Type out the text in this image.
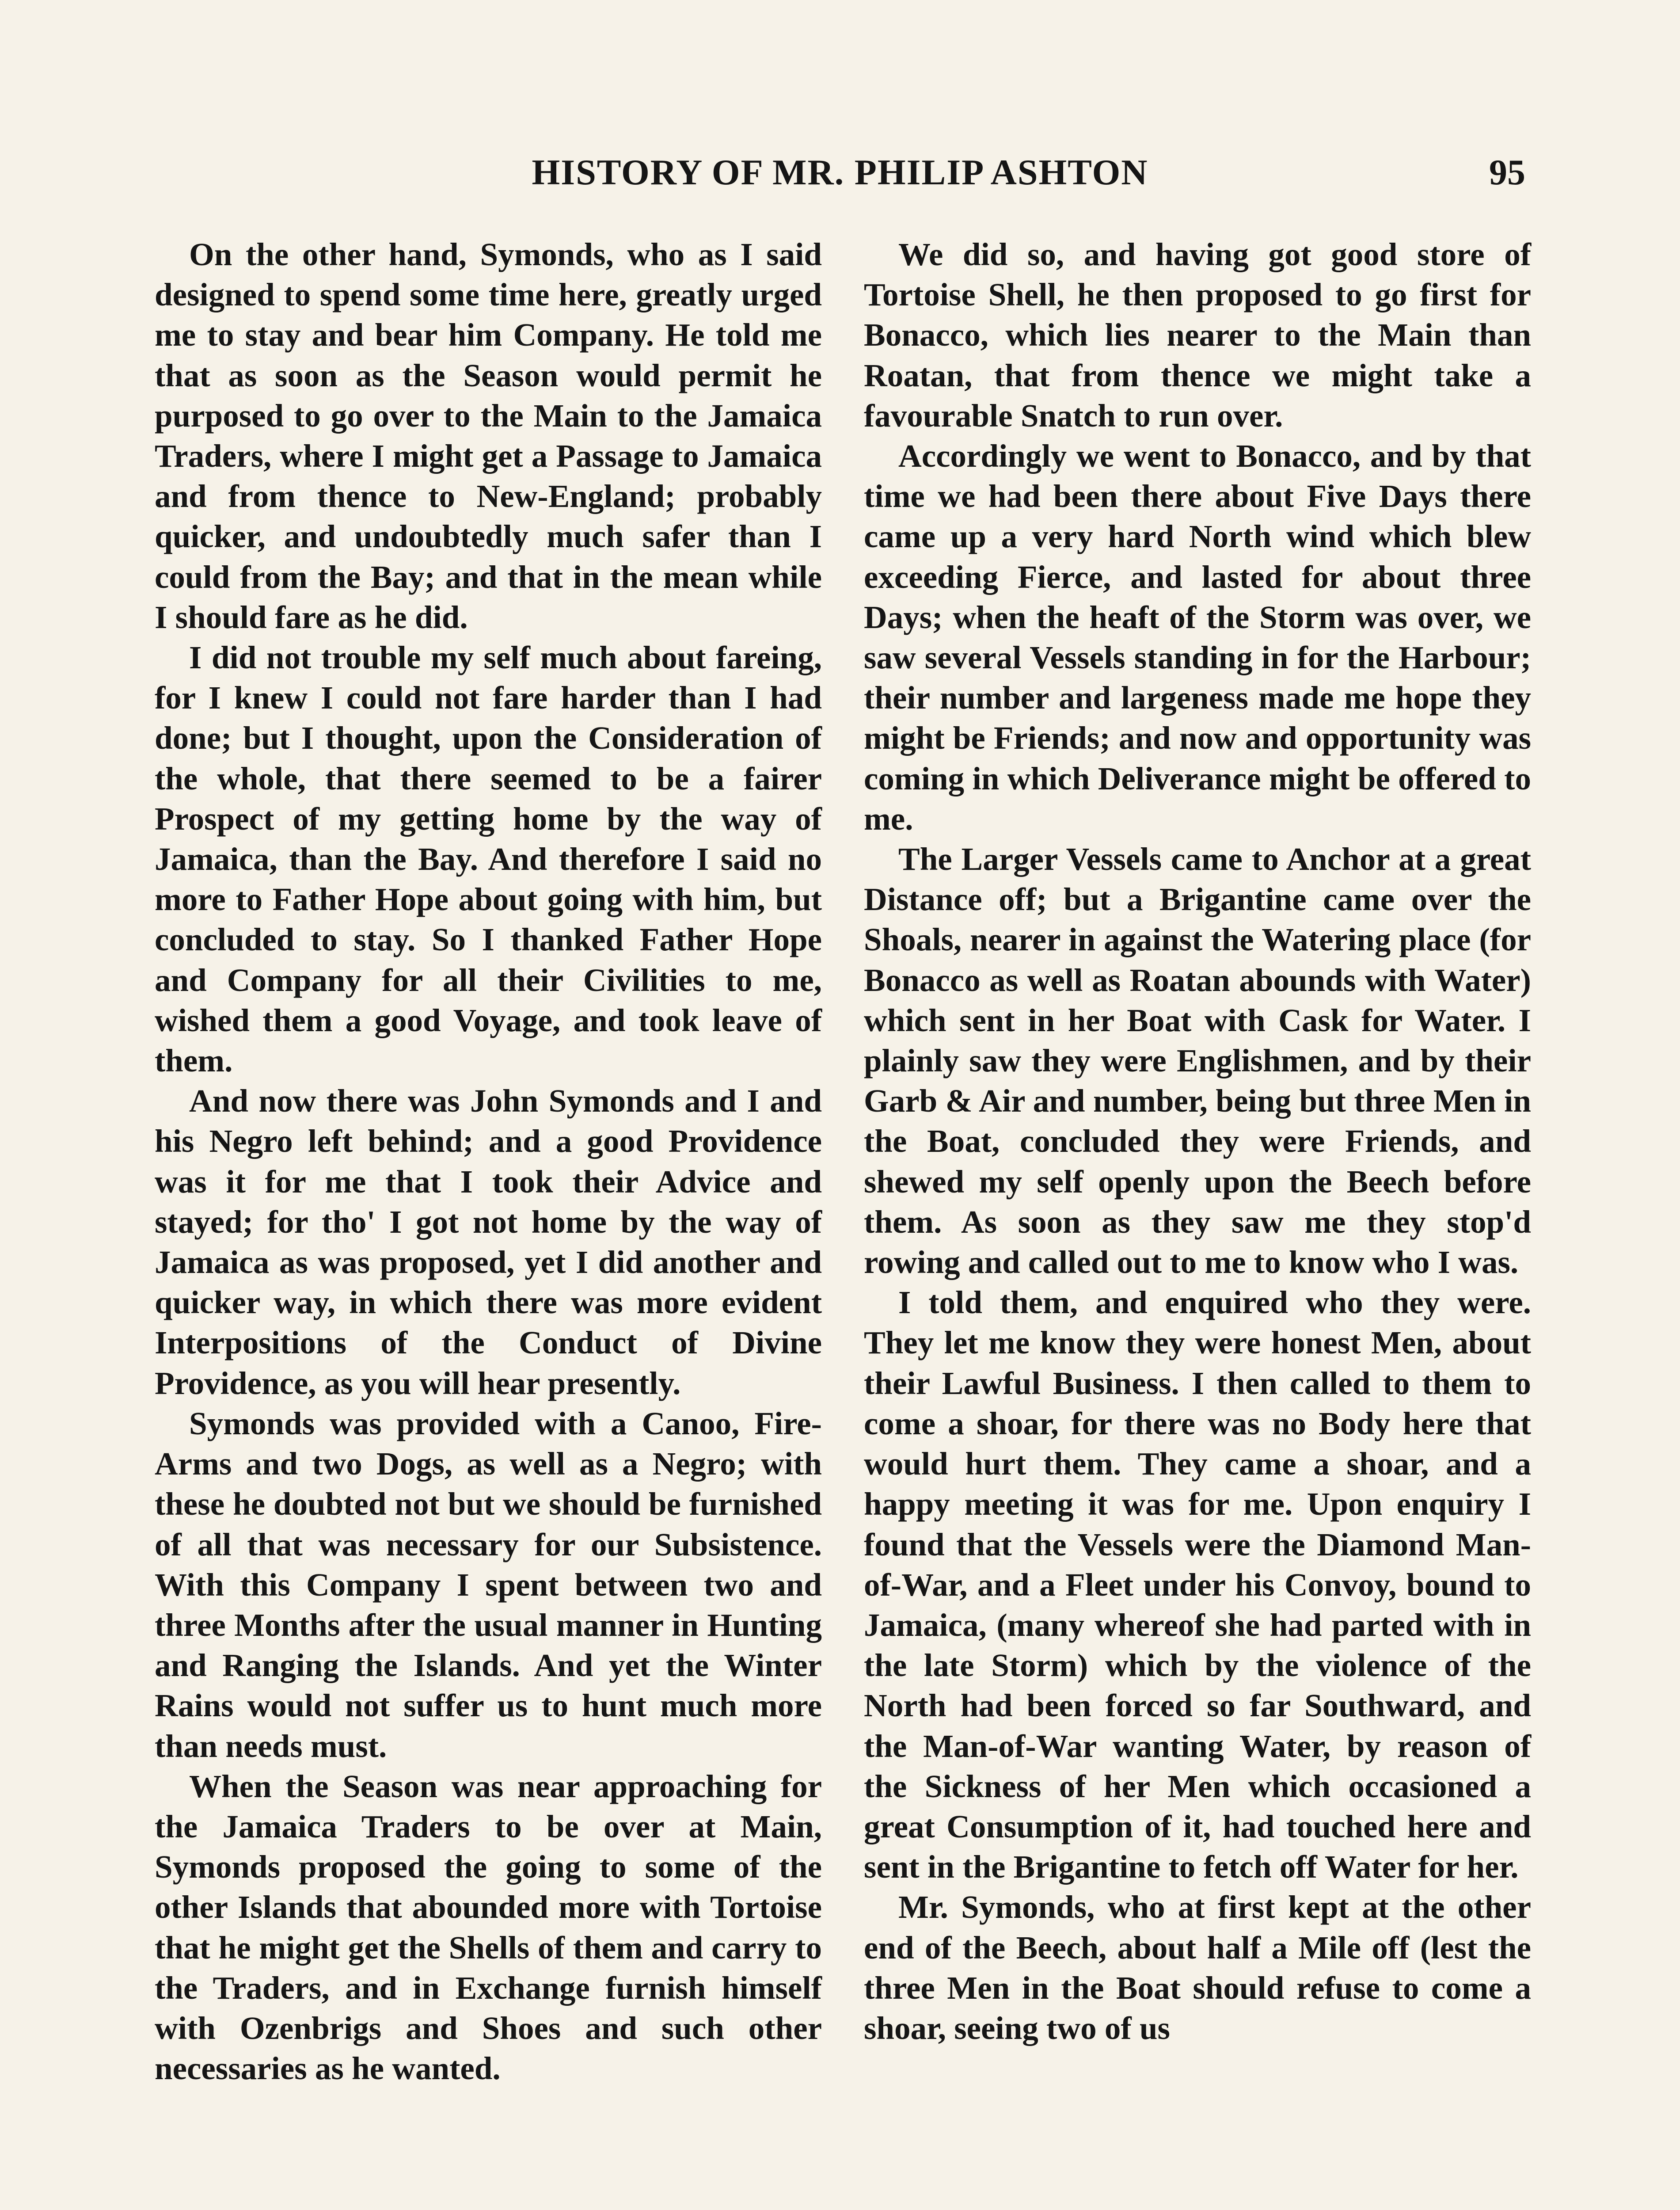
HISTORY OF MR. PHILIP ASHTON	95

On the other hand, Symonds, who as I said designed to spend some time here, greatly urged me to stay and bear him Company. He told me that as soon as the Season would permit he purposed to go over to the Main to the Jamaica Traders, where I might get a Passage to Jamaica and from thence to New-England; probably quicker, and undoubtedly much safer than I could from the Bay; and that in the mean while I should fare as he did.

I did not trouble my self much about fareing, for I knew I could not fare harder than I had done; but I thought, upon the Consideration of the whole, that there seemed to be a fairer Prospect of my getting home by the way of Jamaica, than the Bay. And therefore I said no more to Father Hope about going with him, but concluded to stay. So I thanked Father Hope and Company for all their Civilities to me, wished them a good Voyage, and took leave of them.

And now there was John Symonds and I and his Negro left behind; and a good Providence was it for me that I took their Advice and stayed; for tho' I got not home by the way of Jamaica as was proposed, yet I did another and quicker way, in which there was more evident Interpositions of the Conduct of Divine Providence, as you will hear presently.

Symonds was provided with a Canoo, Fire-Arms and two Dogs, as well as a Negro; with these he doubted not but we should be furnished of all that was necessary for our Subsistence. With this Company I spent between two and three Months after the usual manner in Hunting and Ranging the Islands. And yet the Winter Rains would not suffer us to hunt much more than needs must.

When the Season was near approaching for the Jamaica Traders to be over at Main, Symonds proposed the going to some of the other Islands that abounded more with Tortoise that he might get the Shells of them and carry to the Traders, and in Exchange furnish himself with Ozenbrigs and Shoes and such other necessaries as he wanted.

We did so, and having got good store of Tortoise Shell, he then proposed to go first for Bonacco, which lies nearer to the Main than Roatan, that from thence we might take a favourable Snatch to run over.

Accordingly we went to Bonacco, and by that time we had been there about Five Days there came up a very hard North wind which blew exceeding Fierce, and lasted for about three Days; when the heaft of the Storm was over, we saw several Vessels standing in for the Harbour; their number and largeness made me hope they might be Friends; and now and opportunity was coming in which Deliverance might be offered to me.

The Larger Vessels came to Anchor at a great Distance off; but a Brigantine came over the Shoals, nearer in against the Watering place (for Bonacco as well as Roatan abounds with Water) which sent in her Boat with Cask for Water. I plainly saw they were Englishmen, and by their Garb & Air and number, being but three Men in the Boat, concluded they were Friends, and shewed my self openly upon the Beech before them. As soon as they saw me they stop'd rowing and called out to me to know who I was.

I told them, and enquired who they were. They let me know they were honest Men, about their Lawful Business. I then called to them to come a shoar, for there was no Body here that would hurt them. They came a shoar, and a happy meeting it was for me. Upon enquiry I found that the Vessels were the Diamond Man-of-War, and a Fleet under his Convoy, bound to Jamaica, (many whereof she had parted with in the late Storm) which by the violence of the North had been forced so far Southward, and the Man-of-War wanting Water, by reason of the Sickness of her Men which occasioned a great Consumption of it, had touched here and sent in the Brigantine to fetch off Water for her.

Mr. Symonds, who at first kept at the other end of the Beech, about half a Mile off (lest the three Men in the Boat should refuse to come a shoar, seeing two of us
